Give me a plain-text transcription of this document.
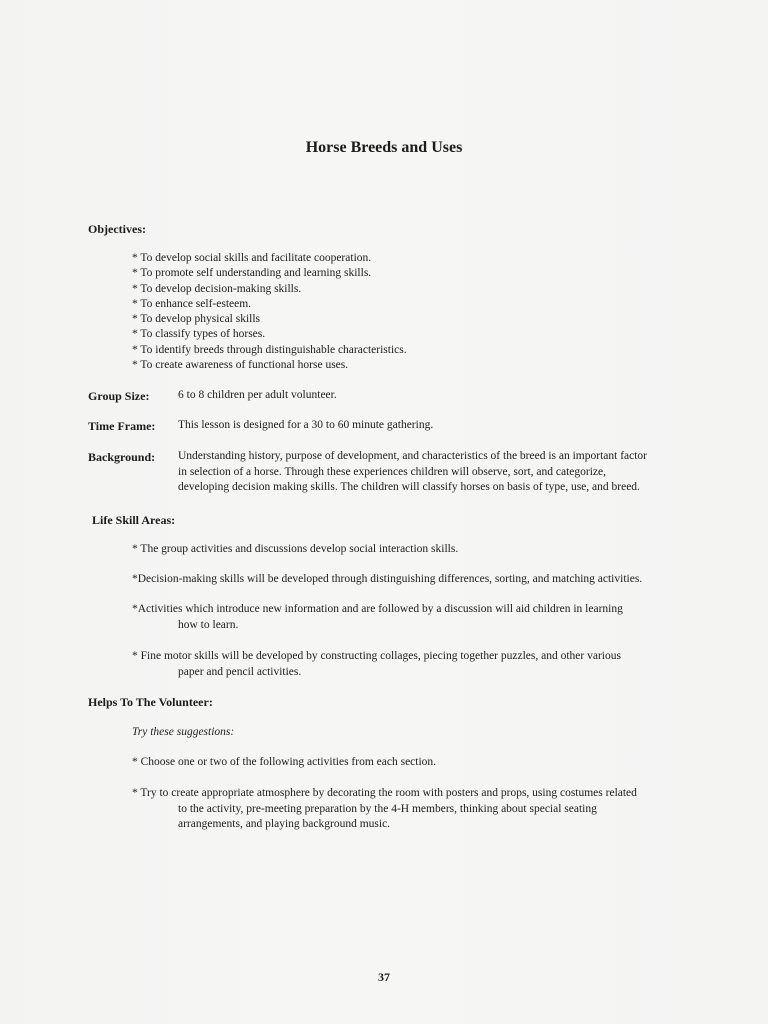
Horse Breeds and Uses
Objectives:
* To develop social skills and facilitate cooperation.
* To promote self understanding and learning skills.
* To develop decision-making skills.
* To enhance self-esteem.
* To develop physical skills
* To classify types of horses.
* To identify breeds through distinguishable characteristics.
* To create awareness of functional horse uses.
Group Size: 6 to 8 children per adult volunteer.
Time Frame: This lesson is designed for a 30 to 60 minute gathering.
Background: Understanding history, purpose of development, and characteristics of the breed is an important factor
in selection of a horse. Through these experiences children will observe, sort, and categorize,
developing decision making skills. The children will classify horses on basis of type, use, and breed.
Life Skill Areas:
* The group activities and discussions develop social interaction skills.
*Decision-making skills will be developed through distinguishing differences, sorting, and matching activities.
*Activities which introduce new information and are followed by a discussion will aid children in learning
how to learn.
* Fine motor skills will be developed by constructing collages, piecing together puzzles, and other various
paper and pencil activities.
Helps To The Volunteer:
Try these suggestions:
* Choose one or two of the following activities from each section.
* Try to create appropriate atmosphere by decorating the room with posters and props, using costumes related
to the activity, pre-meeting preparation by the 4-H members, thinking about special seating
arrangements, and playing background music.
37
